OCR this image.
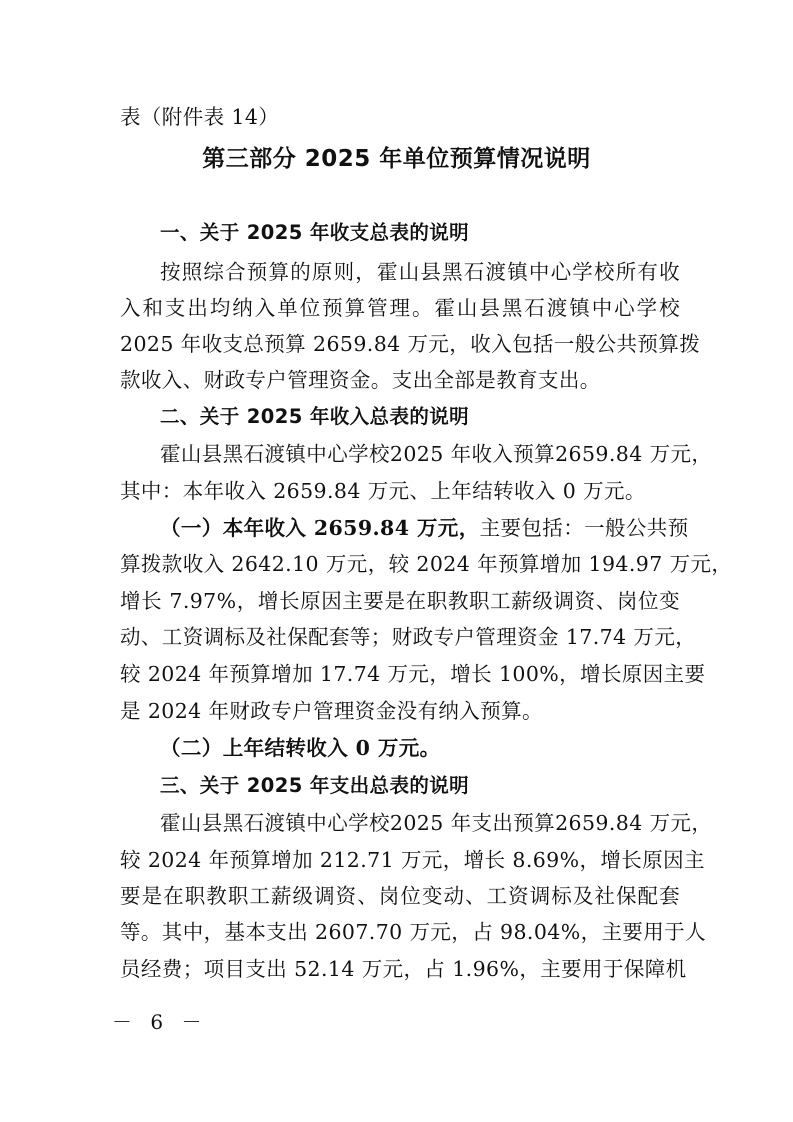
表（附件表 14）
第三部分 2025 年单位预算情况说明
一、关于 2025 年收支总表的说明
按照综合预算的原则，霍山县黑石渡镇中心学校所有收
入和支出均纳入单位预算管理。霍山县黑石渡镇中心学校
2025 年收支总预算 2659.84 万元，收入包括一般公共预算拨
款收入、财政专户管理资金。支出全部是教育支出。
二、关于 2025 年收入总表的说明
霍山县黑石渡镇中心学校2025 年收入预算2659.84 万元，
其中：本年收入 2659.84 万元、上年结转收入 0 万元。
（一）本年收入 2659.84 万元，主要包括：一般公共预
算拨款收入 2642.10 万元，较 2024 年预算增加 194.97 万元，
增长 7.97%，增长原因主要是在职教职工薪级调资、岗位变
动、工资调标及社保配套等；财政专户管理资金 17.74 万元，
较 2024 年预算增加 17.74 万元，增长 100%，增长原因主要
是 2024 年财政专户管理资金没有纳入预算。
（二）上年结转收入 0 万元。
三、关于 2025 年支出总表的说明
霍山县黑石渡镇中心学校2025 年支出预算2659.84 万元，
较 2024 年预算增加 212.71 万元，增长 8.69%，增长原因主
要是在职教职工薪级调资、岗位变动、工资调标及社保配套
等。其中，基本支出 2607.70 万元，占 98.04%，主要用于人
员经费；项目支出 52.14 万元，占 1.96%，主要用于保障机
－ 6 －
